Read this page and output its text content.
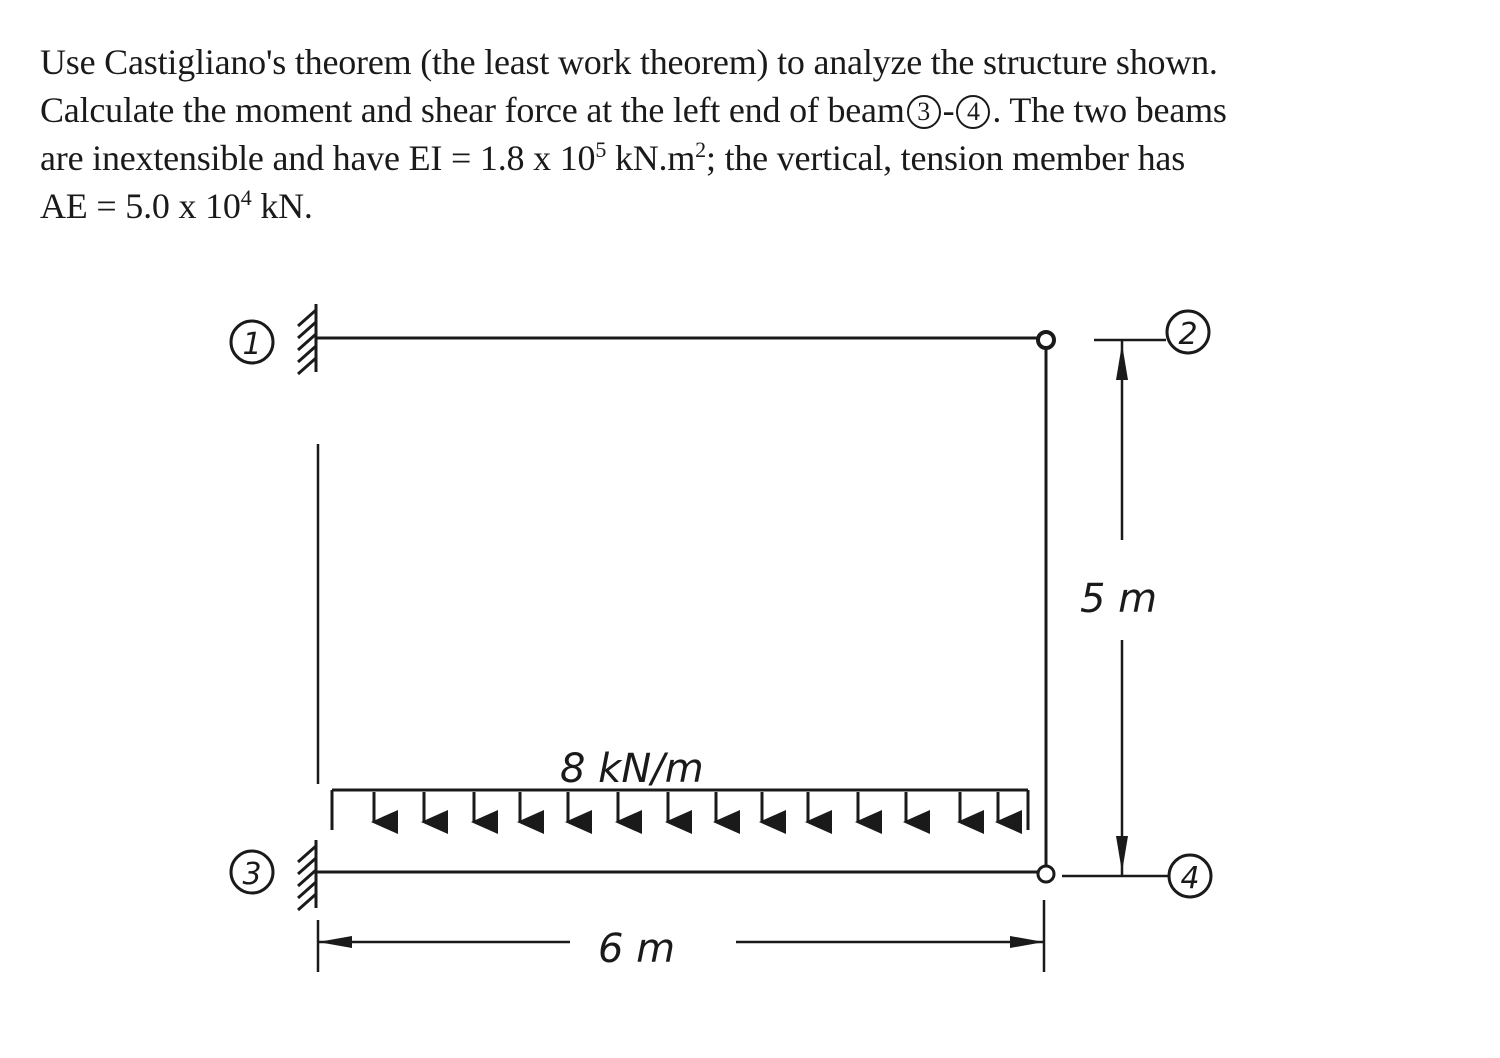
Use Castigliano's theorem (the least work theorem) to analyze the structure shown.
Calculate the moment and shear force at the left end of beam 3 - 4 . The two beams
are inextensible and have EI = 1.8 x $10^5$ $kN.m^2$; the vertical, tension member has
AE = 5.0 x $10^4$ kN.
8 kN/m
6 m
5 m
1	2
3	4
